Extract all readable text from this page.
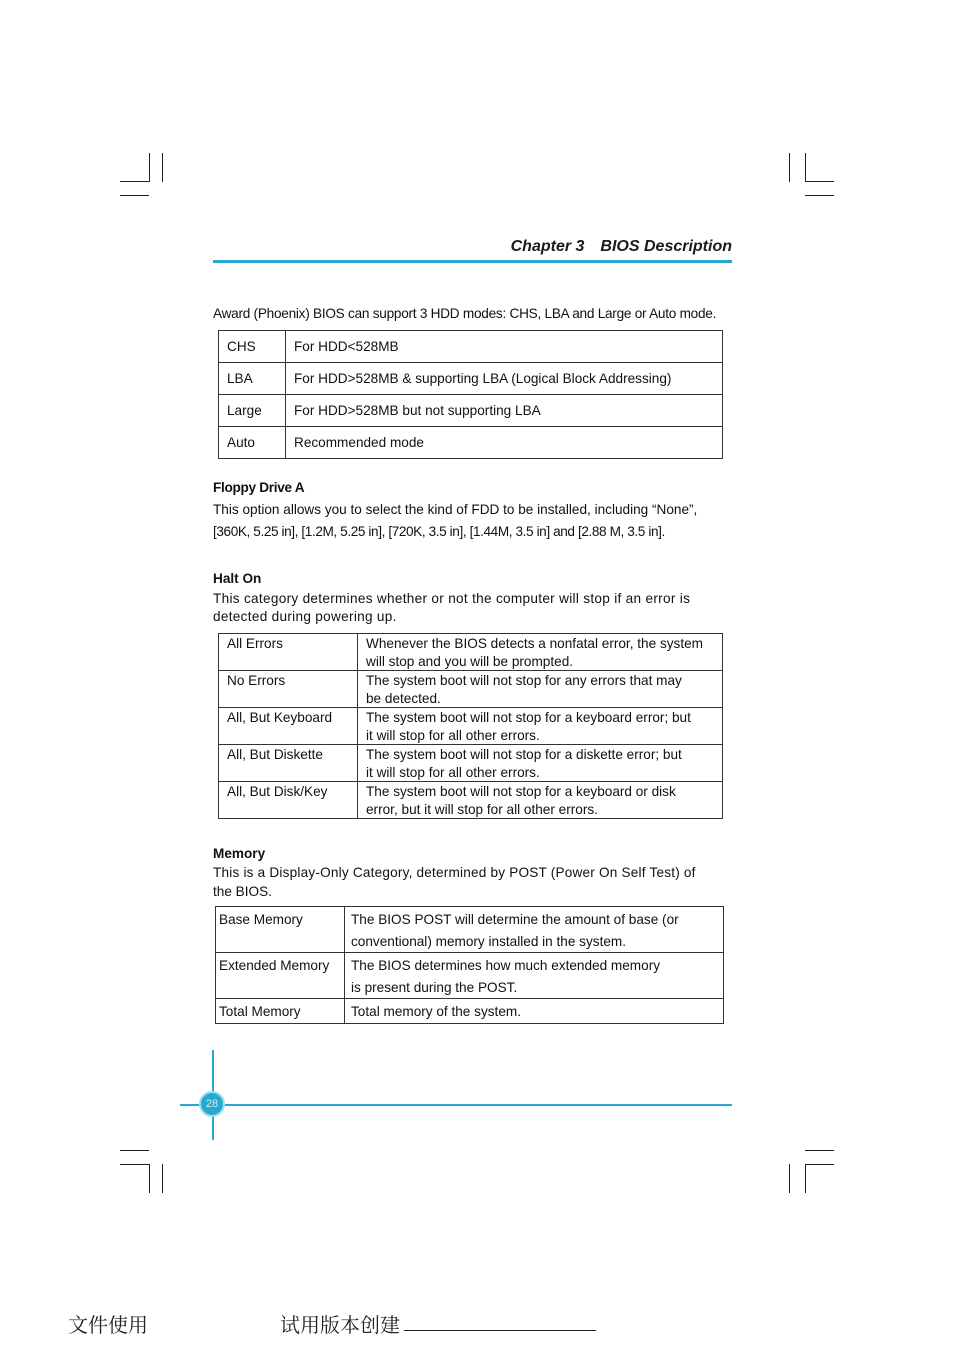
Chapter 3 BIOS Description
Award (Phoenix) BIOS can support 3 HDD modes: CHS, LBA and Large or Auto mode.
CHS	For HDD<528MB
LBA	For HDD>528MB & supporting LBA (Logical Block Addressing)
Large	For HDD>528MB but not supporting LBA
Auto	Recommended mode
Floppy Drive A
This option allows you to select the kind of FDD to be installed, including “None”,
[360K, 5.25 in], [1.2M, 5.25 in], [720K, 3.5 in], [1.44M, 3.5 in] and [2.88 M, 3.5 in].
Halt On
This category determines whether or not the computer will stop if an error is
detected during powering up.
All Errors	Whenever the BIOS detects a nonfatal error, the system
will stop and you will be prompted.
No Errors	The system boot will not stop for any errors that may
be detected.
All, But Keyboard	The system boot will not stop for a keyboard error; but
it will stop for all other errors.
All, But Diskette	The system boot will not stop for a diskette error; but
it will stop for all other errors.
All, But Disk/Key	The system boot will not stop for a keyboard or disk
error, but it will stop for all other errors.
Memory
This is a Display-Only Category, determined by POST (Power On Self Test) of
the BIOS.
Base Memory	The BIOS POST will determine the amount of base (or
conventional) memory installed in the system.
Extended Memory	The BIOS determines how much extended memory
is present during the POST.
Total Memory	Total memory of the system.
28
文件使用	试用版本创建
